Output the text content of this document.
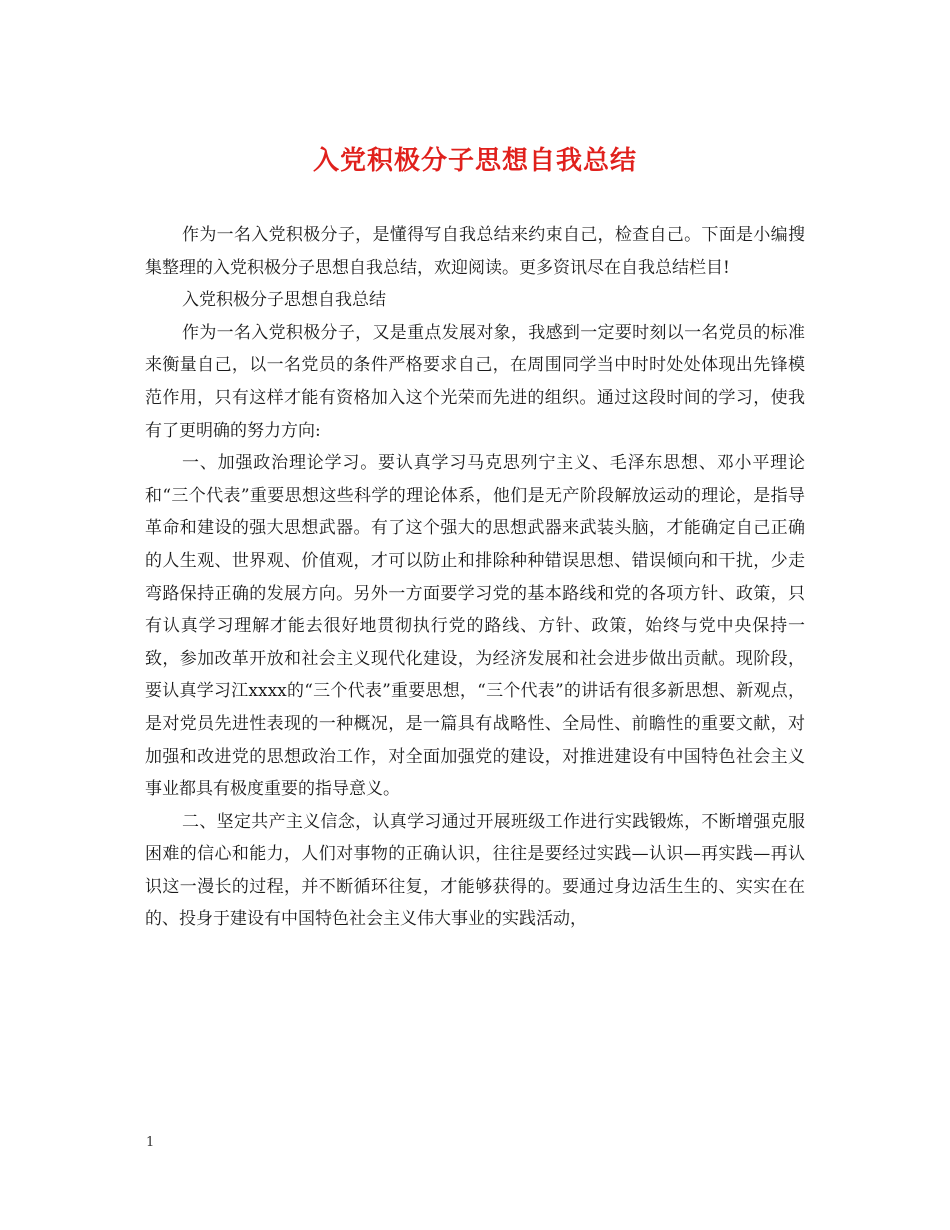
入党积极分子思想自我总结

作为一名入党积极分子，是懂得写自我总结来约束自己，检查自己。下面是小编搜集整理的入党积极分子思想自我总结，欢迎阅读。更多资讯尽在自我总结栏目!

入党积极分子思想自我总结

作为一名入党积极分子，又是重点发展对象，我感到一定要时刻以一名党员的标准来衡量自己，以一名党员的条件严格要求自己，在周围同学当中时时处处体现出先锋模范作用，只有这样才能有资格加入这个光荣而先进的组织。通过这段时间的学习，使我有了更明确的努力方向:

一、加强政治理论学习。要认真学习马克思列宁主义、毛泽东思想、邓小平理论和“三个代表”重要思想这些科学的理论体系，他们是无产阶段解放运动的理论，是指导革命和建设的强大思想武器。有了这个强大的思想武器来武装头脑，才能确定自己正确的人生观、世界观、价值观，才可以防止和排除种种错误思想、错误倾向和干扰，少走弯路保持正确的发展方向。另外一方面要学习党的基本路线和党的各项方针、政策，只有认真学习理解才能去很好地贯彻执行党的路线、方针、政策，始终与党中央保持一致，参加改革开放和社会主义现代化建设，为经济发展和社会进步做出贡献。现阶段，要认真学习江xxxx的“三个代表”重要思想，“三个代表”的讲话有很多新思想、新观点，是对党员先进性表现的一种概况，是一篇具有战略性、全局性、前瞻性的重要文献，对加强和改进党的思想政治工作，对全面加强党的建设，对推进建设有中国特色社会主义事业都具有极度重要的指导意义。

二、坚定共产主义信念，认真学习通过开展班级工作进行实践锻炼，不断增强克服困难的信心和能力，人们对事物的正确认识，往往是要经过实践—认识—再实践—再认识这一漫长的过程，并不断循环往复，才能够获得的。要通过身边活生生的、实实在在的、投身于建设有中国特色社会主义伟大事业的实践活动，

1
